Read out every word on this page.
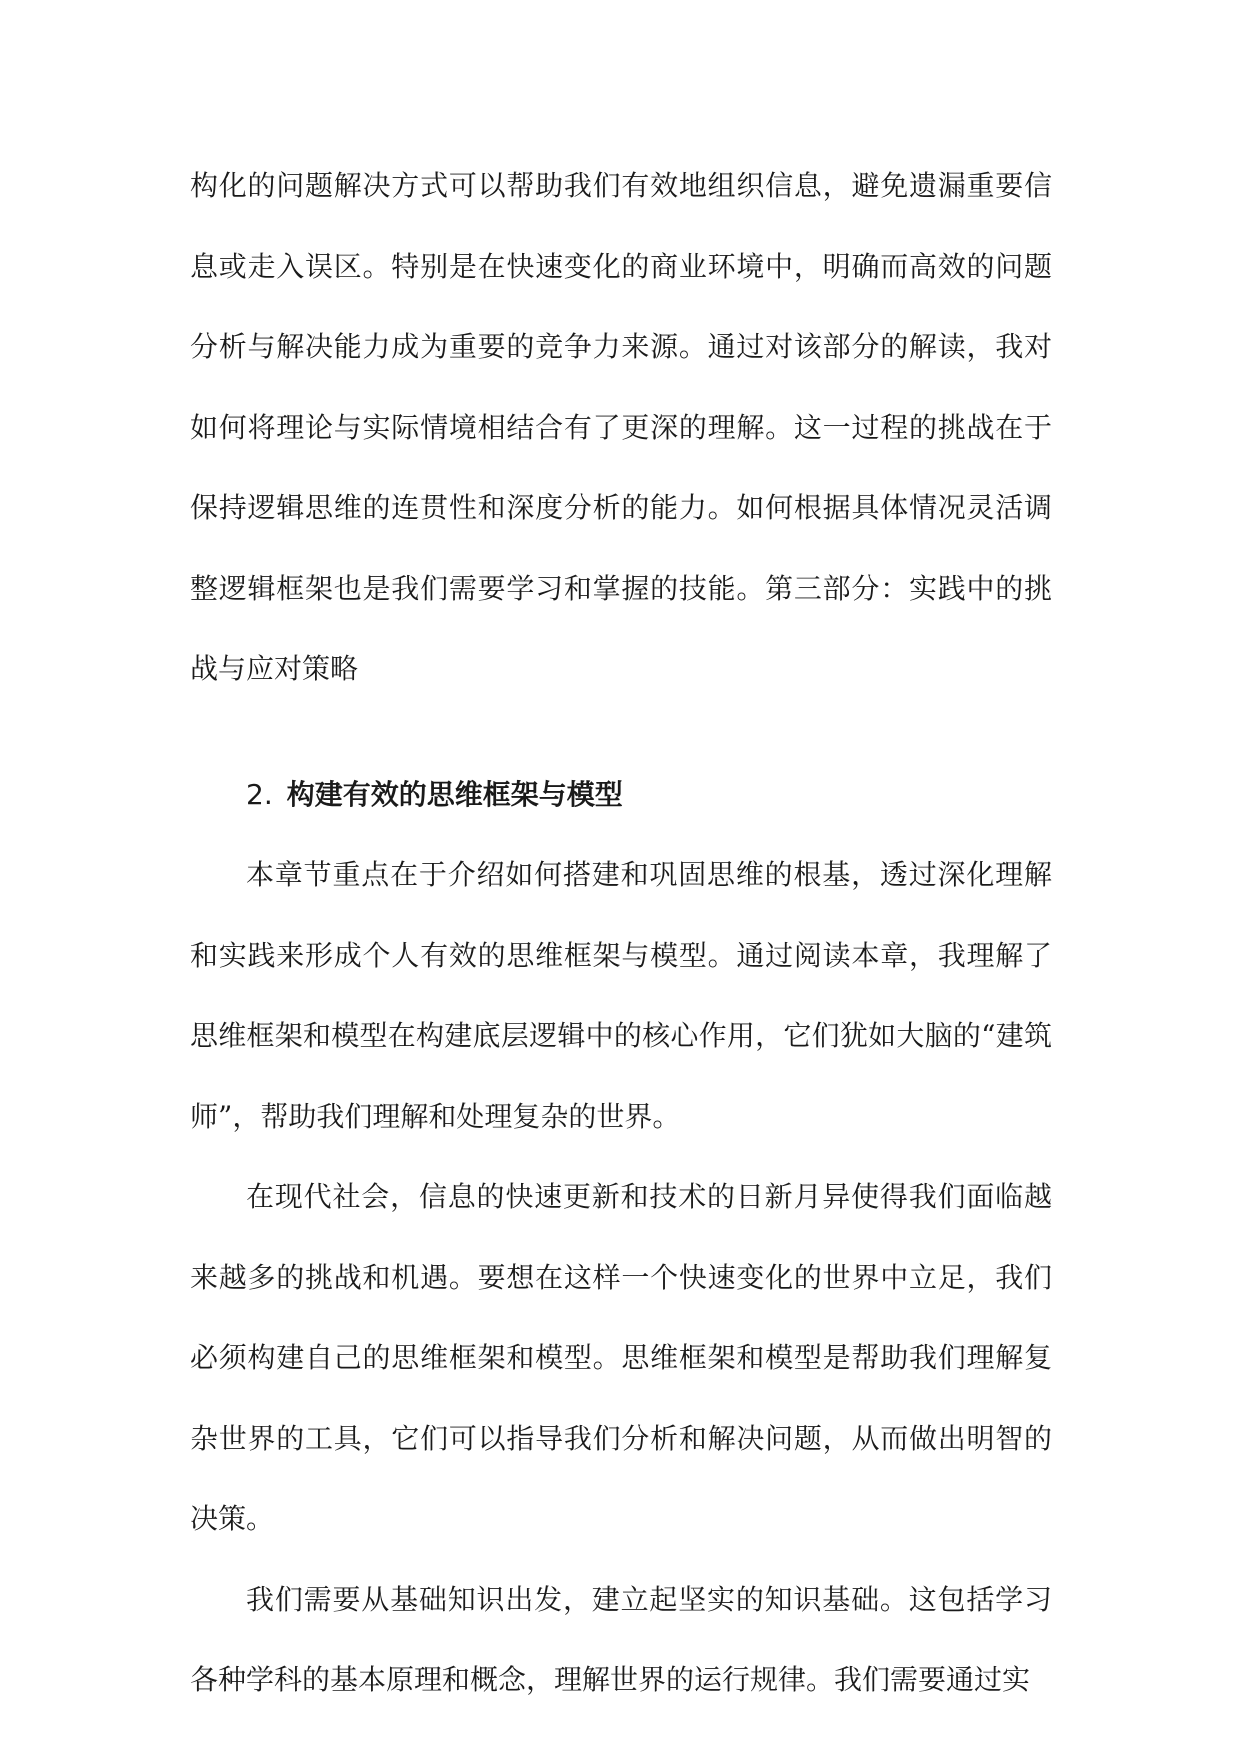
构化的问题解决方式可以帮助我们有效地组织信息，避免遗漏重要信息或走入误区。特别是在快速变化的商业环境中，明确而高效的问题分析与解决能力成为重要的竞争力来源。通过对该部分的解读，我对如何将理论与实际情境相结合有了更深的理解。这一过程的挑战在于保持逻辑思维的连贯性和深度分析的能力。如何根据具体情况灵活调整逻辑框架也是我们需要学习和掌握的技能。第三部分：实践中的挑战与应对策略

2. 构建有效的思维框架与模型

本章节重点在于介绍如何搭建和巩固思维的根基，透过深化理解和实践来形成个人有效的思维框架与模型。通过阅读本章，我理解了思维框架和模型在构建底层逻辑中的核心作用，它们犹如大脑的“建筑师”，帮助我们理解和处理复杂的世界。

在现代社会，信息的快速更新和技术的日新月异使得我们面临越来越多的挑战和机遇。要想在这样一个快速变化的世界中立足，我们必须构建自己的思维框架和模型。思维框架和模型是帮助我们理解复杂世界的工具，它们可以指导我们分析和解决问题，从而做出明智的决策。

我们需要从基础知识出发，建立起坚实的知识基础。这包括学习各种学科的基本原理和概念，理解世界的运行规律。我们需要通过实
